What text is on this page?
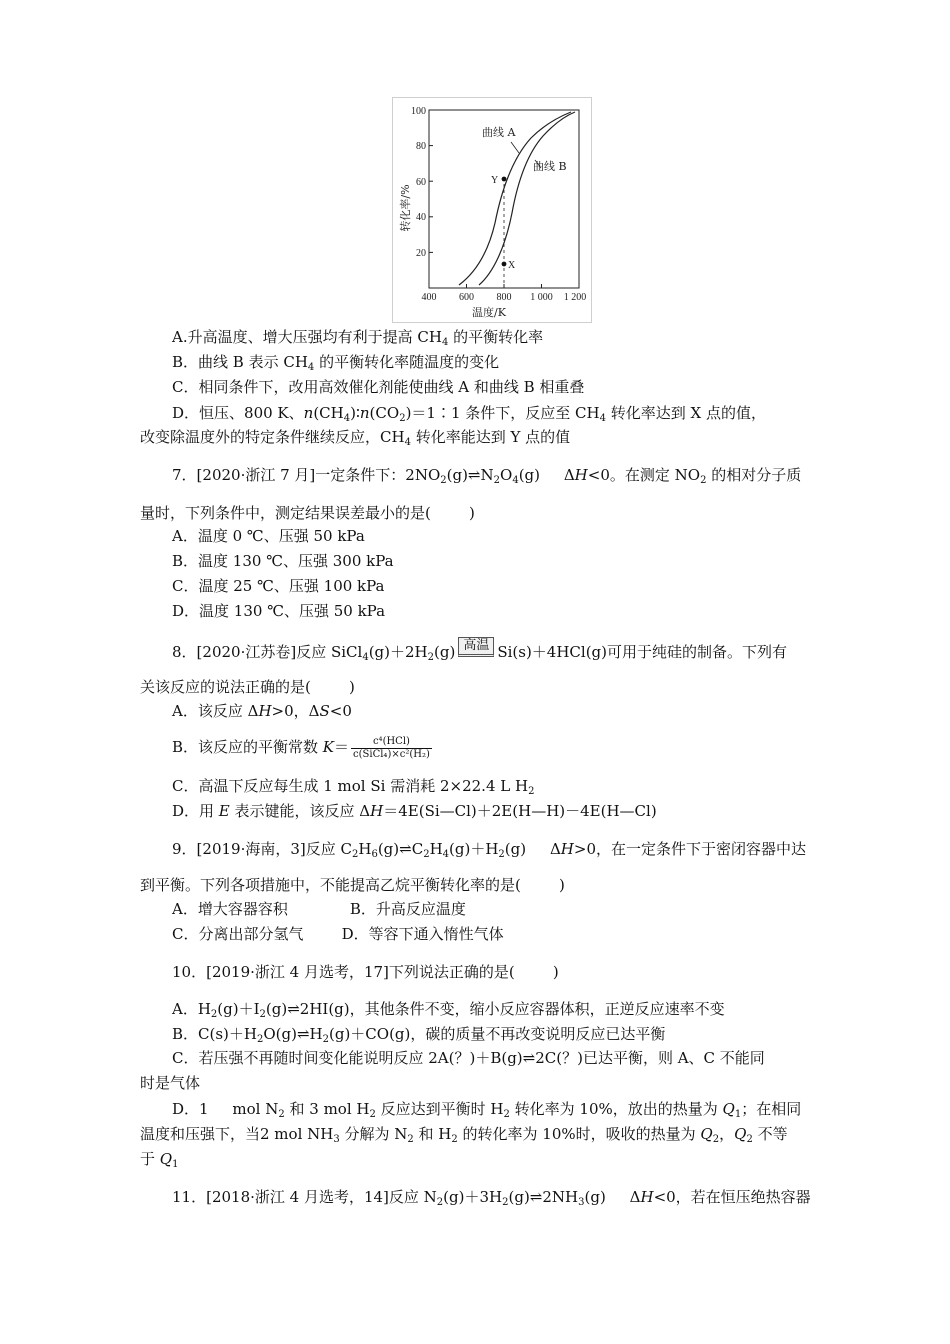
100
80
60
40
20
400 600 800 1 000 1 200
温度/K
转化率/%
曲线 A
曲线 B
Y
X
A.升高温度、增大压强均有利于提高 $CH_4$ 的平衡转化率
B．曲线 B 表示 $CH_4$ 的平衡转化率随温度的变化
C．相同条件下，改用高效催化剂能使曲线 A 和曲线 B 相重叠
D．恒压、800 K、$n(CH_4)∶n(CO_2)=1∶1$ 条件下，反应至 $CH_4$ 转化率达到 X 点的值，
改变除温度外的特定条件继续反应，$CH_4$ 转化率能达到 Y 点的值
7．[2020·浙江 7 月]一定条件下：$2NO_2(g)\rightleftharpoons N_2O_4(g)$     ΔH<0。在测定 $NO_2$ 的相对分子质
量时，下列条件中，测定结果误差最小的是(        )
A．温度 0 ℃、压强 50 kPa
B．温度 130 ℃、压强 300 kPa
C．温度 25 ℃、压强 100 kPa
D．温度 130 ℃、压强 50 kPa
8．[2020·江苏卷]反应 $SiCl_4(g)+2H_2(g)$ 高温 Si(s)＋4HCl(g)可用于纯硅的制备。下列有
关该反应的说法正确的是(        )
A．该反应 ΔH>0，ΔS<0
B．该反应的平衡常数 $K= \frac{\text{c⁴(HCl)}}{\text{c(SiCl₄)×c²(H₂)}}$
C．高温下反应每生成 1 mol Si 需消耗 2×22.4 L $H_2$
D．用 E 表示键能，该反应 ΔH＝4E(Si—Cl)＋2E(H—H)－4E(H—Cl)
9．[2019·海南，3]反应 $C_2H_6(g)\rightleftharpoons C_2H_4(g)+H_2(g)$     ΔH>0，在一定条件下于密闭容器中达
到平衡。下列各项措施中，不能提高乙烷平衡转化率的是(        )
A．增大容器容积             B．升高反应温度
C．分离出部分氢气        D．等容下通入惰性气体
10．[2019·浙江 4 月选考，17]下列说法正确的是(        )
A．$H_2(g)+I_2(g)\rightleftharpoons 2HI(g)$，其他条件不变，缩小反应容器体积，正逆反应速率不变
B．$C(s)+H_2O(g)\rightleftharpoons H_2(g)+CO(g)$，碳的质量不再改变说明反应已达平衡
C．若压强不再随时间变化能说明反应 2A(？)＋B(g)⇌2C(？)已达平衡，则 A、C 不能同
时是气体
D．1     mol $N_2$ 和 3 mol $H_2$ 反应达到平衡时 $H_2$ 转化率为 10%，放出的热量为 $Q_1$；在相同
温度和压强下，当2 mol $NH_3$ 分解为 $N_2$ 和 $H_2$ 的转化率为 10%时，吸收的热量为 $Q_2$，$Q_2$ 不等
于 $Q_1$
11．[2018·浙江 4 月选考，14]反应 $N_2(g)+3H_2(g)\rightleftharpoons 2NH_3(g)$     ΔH<0，若在恒压绝热容器
